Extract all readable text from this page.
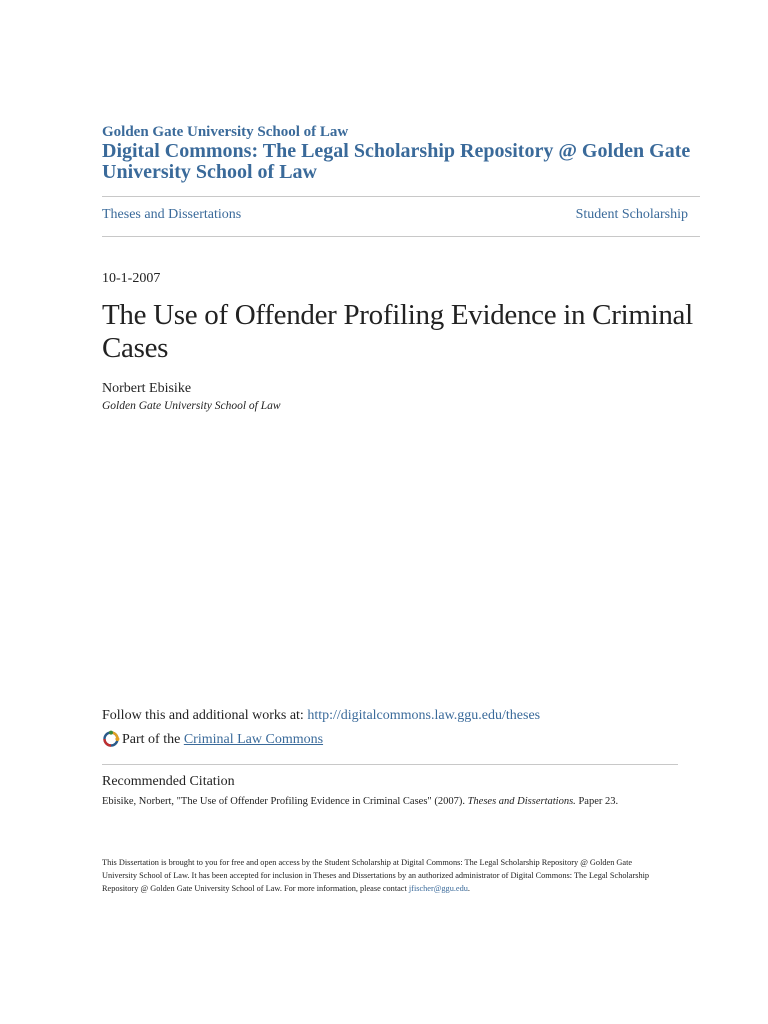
Golden Gate University School of Law
Digital Commons: The Legal Scholarship Repository @ Golden Gate University School of Law
Theses and Dissertations	Student Scholarship
10-1-2007
The Use of Offender Profiling Evidence in Criminal Cases
Norbert Ebisike
Golden Gate University School of Law
Follow this and additional works at: http://digitalcommons.law.ggu.edu/theses
Part of the
Criminal Law Commons
Recommended Citation
Ebisike, Norbert, "The Use of Offender Profiling Evidence in Criminal Cases" (2007). Theses and Dissertations. Paper 23.
This Dissertation is brought to you for free and open access by the Student Scholarship at Digital Commons: The Legal Scholarship Repository @ Golden Gate University School of Law. It has been accepted for inclusion in Theses and Dissertations by an authorized administrator of Digital Commons: The Legal Scholarship Repository @ Golden Gate University School of Law. For more information, please contact jfischer@ggu.edu.
